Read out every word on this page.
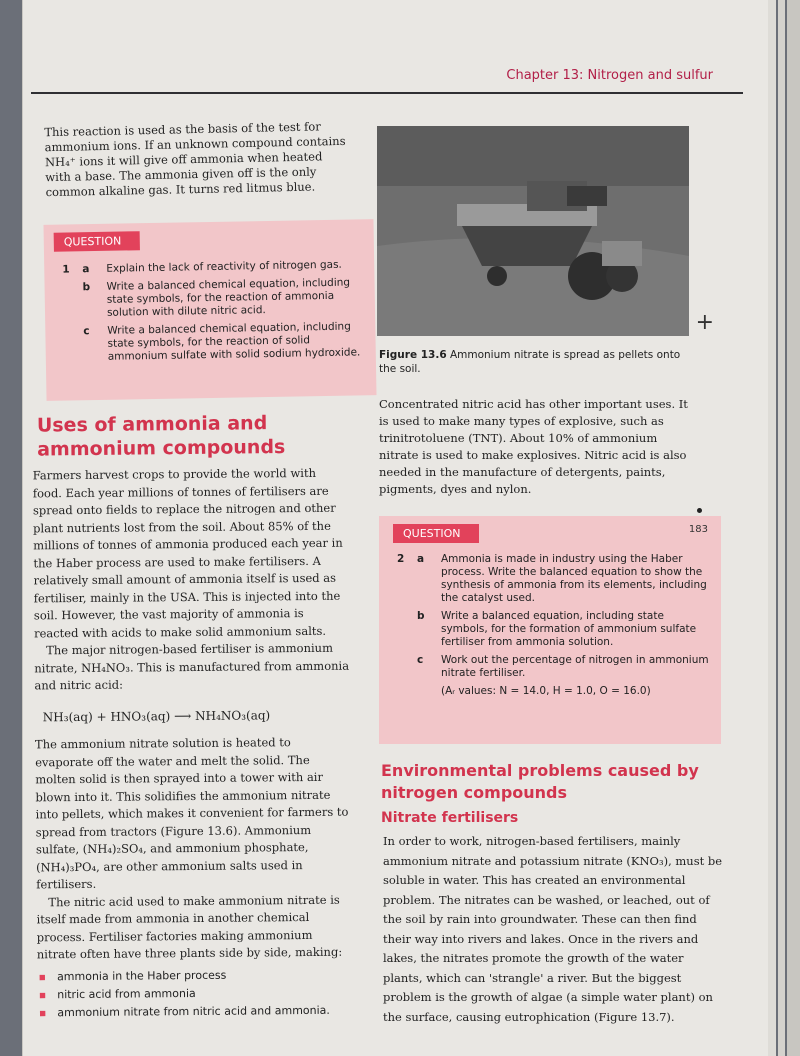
Chapter 13: Nitrogen and sulfur
This reaction is used as the basis of the test for ammonium ions. If an unknown compound contains NH₄⁺ ions it will give off ammonia when heated with a base. The ammonia given off is the only common alkaline gas. It turns red litmus blue.
QUESTION
1 a Explain the lack of reactivity of nitrogen gas.
b Write a balanced chemical equation, including state symbols, for the reaction of ammonia solution with dilute nitric acid.
c Write a balanced chemical equation, including state symbols, for the reaction of solid ammonium sulfate with solid sodium hydroxide.
Uses of ammonia and ammonium compounds

Farmers harvest crops to provide the world with food. Each year millions of tonnes of fertilisers are spread onto fields to replace the nitrogen and other plant nutrients lost from the soil. About 85% of the millions of tonnes of ammonia produced each year in the Haber process are used to make fertilisers. A relatively small amount of ammonia itself is used as fertiliser, mainly in the USA. This is injected into the soil. However, the vast majority of ammonia is reacted with acids to make solid ammonium salts.

The major nitrogen-based fertiliser is ammonium nitrate, NH₄NO₃. This is manufactured from ammonia and nitric acid:

NH₃(aq) + HNO₃(aq) ⟶ NH₄NO₃(aq)

The ammonium nitrate solution is heated to evaporate off the water and melt the solid. The molten solid is then sprayed into a tower with air blown into it. This solidifies the ammonium nitrate into pellets, which makes it convenient for farmers to spread from tractors (Figure 13.6). Ammonium sulfate, (NH₄)₂SO₄, and ammonium phosphate, (NH₄)₃PO₄, are other ammonium salts used in fertilisers.

The nitric acid used to make ammonium nitrate is itself made from ammonia in another chemical process. Fertiliser factories making ammonium nitrate often have three plants side by side, making:

■ ammonia in the Haber process
■ nitric acid from ammonia
■ ammonium nitrate from nitric acid and ammonia.
Figure 13.6 Ammonium nitrate is spread as pellets onto the soil.
Concentrated nitric acid has other important uses. It is used to make many types of explosive, such as trinitrotoluene (TNT). About 10% of ammonium nitrate is used to make explosives. Nitric acid is also needed in the manufacture of detergents, paints, pigments, dyes and nylon.
QUESTION
2 a Ammonia is made in industry using the Haber process. Write the balanced equation to show the synthesis of ammonia from its elements, including the catalyst used.
b Write a balanced equation, including state symbols, for the formation of ammonium sulfate fertiliser from ammonia solution.
c Work out the percentage of nitrogen in ammonium nitrate fertiliser.
(Aᵣ values: N = 14.0, H = 1.0, O = 16.0)
Environmental problems caused by nitrogen compounds
Nitrate fertilisers
In order to work, nitrogen-based fertilisers, mainly ammonium nitrate and potassium nitrate (KNO₃), must be soluble in water. This has created an environmental problem. The nitrates can be washed, or leached, out of the soil by rain into groundwater. These can then find their way into rivers and lakes. Once in the rivers and lakes, the nitrates promote the growth of the water plants, which can 'strangle' a river. But the biggest problem is the growth of algae (a simple water plant) on the surface, causing eutrophication (Figure 13.7).
+
183
